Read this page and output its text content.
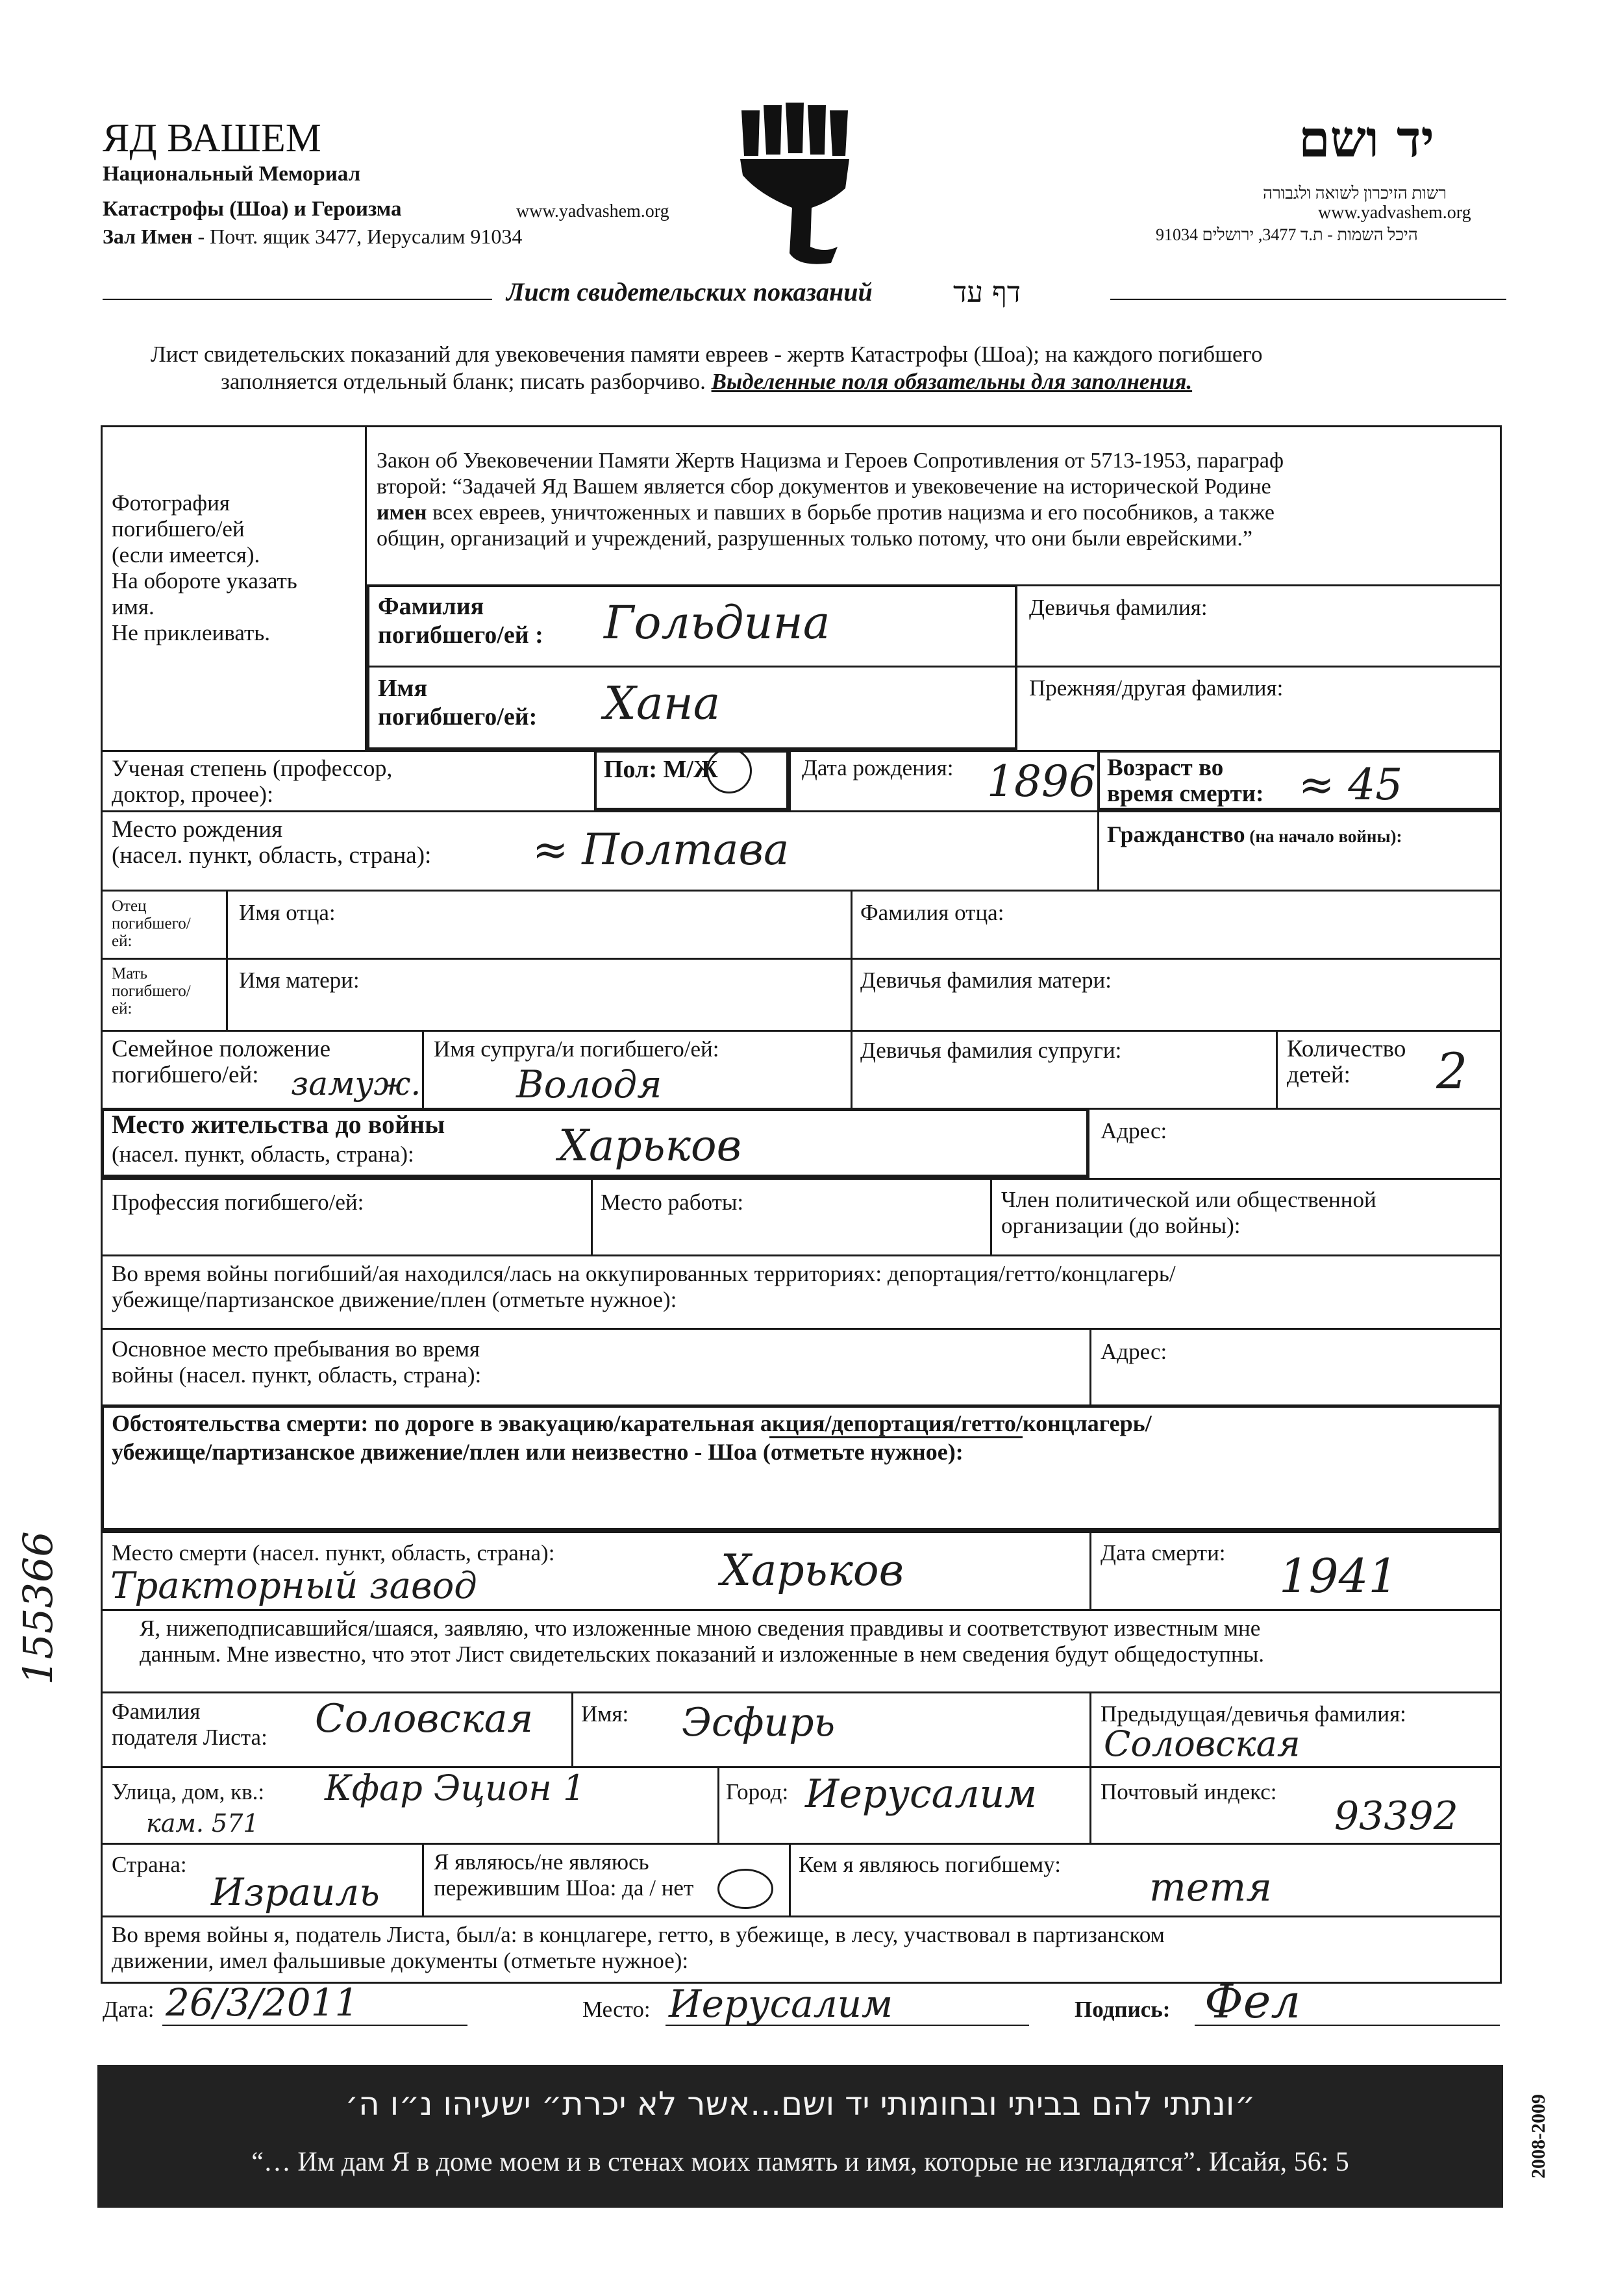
ЯД ВАШЕМ
Национальный Мемориал
Катастрофы (Шоа) и Героизма	www.yadvashem.org
Зал Имен - Почт. ящик 3477, Иерусалим 91034
יד ושם
רשות הזיכרון לשואה ולגבורה
www.yadvashem.org
היכל השמות - ת.ד 3477, ירושלים 91034
Лист свидетельских показаний	דף עד
Лист свидетельских показаний для увековечения памяти евреев - жертв Катастрофы (Шоа); на каждого погибшего
заполняется отдельный бланк; писать разборчиво. Выделенные поля обязательны для заполнения.
Фотография
погибшего/ей
(если имеется).
На обороте указать
имя.
Не приклеивать.
Закон об Увековечении Памяти Жертв Нацизма и Героев Сопротивления от 5713-1953, параграф
второй: “Задачей Яд Вашем является сбор документов и увековечение на исторической Родине
имен всех евреев, уничтоженных и павших в борьбе против нацизма и его пособников, а также
общин, организаций и учреждений, разрушенных только потому, что они были еврейскими.”
Фамилия
погибшего/ей : Гольдина	Девичья фамилия:
Имя
погибшего/ей: Хана	Прежняя/другая фамилия:
Ученая степень (профессор,
доктор, прочее):
Пол: М/Ж	Дата рождения: 1896 Возраст во
время смерти: ≈ 45
Место рождения
(насел. пункт, область, страна): ≈ Полтава	Гражданство (на начало войны):
Отец
погибшего/
ей:
Имя отца:	Фамилия отца:
Мать
погибшего/
ей:
Имя матери:	Девичья фамилия матери:
Семейное положение
погибшего/ей: замуж.
Имя супруга/и погибшего/ей:
Володя
Девичья фамилия супруги:	Количество
детей:	2
Место жительства до войны
(насел. пункт, область, страна):	Харьков	Адрес:
Профессия погибшего/ей:	Место работы:	Член политической или общественной
организации (до войны):
Во время войны погибший/ая находился/лась на оккупированных территориях: депортация/гетто/концлагерь/
убежище/партизанское движение/плен (отметьте нужное):
Основное место пребывания во время
войны (насел. пункт, область, страна):
Адрес:
Обстоятельства смерти: по дороге в эвакуацию/карательная акция/депортация/гетто/концлагерь/
убежище/партизанское движение/плен или неизвестно - Шоа (отметьте нужное):
Место смерти (насел. пункт, область, страна):
Тракторный завод	Харьков	Дата смерти: 1941
Я, нижеподписавшийся/шаяся, заявляю, что изложенные мною сведения правдивы и соответствуют известным мне
данным. Мне известно, что этот Лист свидетельских показаний и изложенные в нем сведения будут общедоступны.
Фамилия
подателя Листа: Соловская Имя: Эсфирь	Предыдущая/девичья фамилия:
Соловская
Улица, дом, кв.: Кфар Эцион 1
кам. 571
Город: Иерусалим	Почтовый индекс:
93392
Страна:
Израиль
Я являюсь/не являюсь
пережившим Шоа: да / нет
Кем я являюсь погибшему:
тетя
Во время войны я, податель Листа, был/а: в концлагере, гетто, в убежище, в лесу, участвовал в партизанском
движении, имел фальшивые документы (отметьте нужное):
Дата: 26/3/2011	Место: Иерусалим	Подпись: Фел
155366
״ונתתי להם בביתי ובחומותי יד ושם...אשר לא יכרת״ ישעיהו נ״ו ה׳
“… Им дам Я в доме моем и в стенах моих память и имя, которые не изгладятся”. Исайя, 56: 5	2008-2009
